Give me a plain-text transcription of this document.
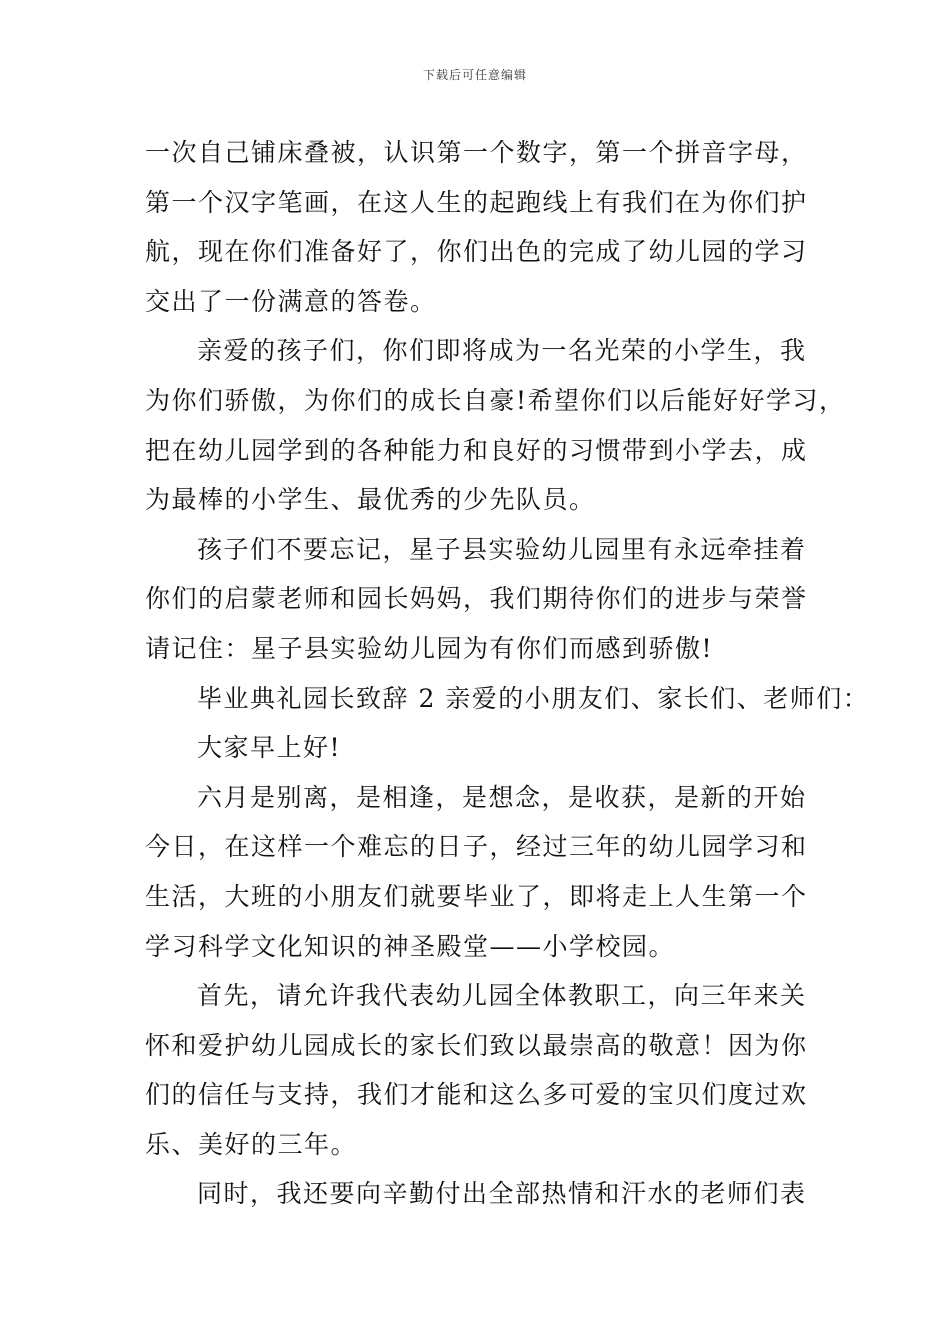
下载后可任意编辑
一次自己铺床叠被，认识第一个数字，第一个拼音字母，
第一个汉字笔画，在这人生的起跑线上有我们在为你们护
航，现在你们准备好了，你们出色的完成了幼儿园的学习
交出了一份满意的答卷。
亲爱的孩子们，你们即将成为一名光荣的小学生，我
为你们骄傲，为你们的成长自豪!希望你们以后能好好学习，
把在幼儿园学到的各种能力和良好的习惯带到小学去，成
为最棒的小学生、最优秀的少先队员。
孩子们不要忘记，星子县实验幼儿园里有永远牵挂着
你们的启蒙老师和园长妈妈，我们期待你们的进步与荣誉
请记住：星子县实验幼儿园为有你们而感到骄傲!
毕业典礼园长致辞 2 亲爱的小朋友们、家长们、老师们：
大家早上好!
六月是别离，是相逢，是想念，是收获，是新的开始
今日，在这样一个难忘的日子，经过三年的幼儿园学习和
生活，大班的小朋友们就要毕业了，即将走上人生第一个
学习科学文化知识的神圣殿堂——小学校园。
首先，请允许我代表幼儿园全体教职工，向三年来关
怀和爱护幼儿园成长的家长们致以最崇高的敬意！因为你
们的信任与支持，我们才能和这么多可爱的宝贝们度过欢
乐、美好的三年。
同时，我还要向辛勤付出全部热情和汗水的老师们表
